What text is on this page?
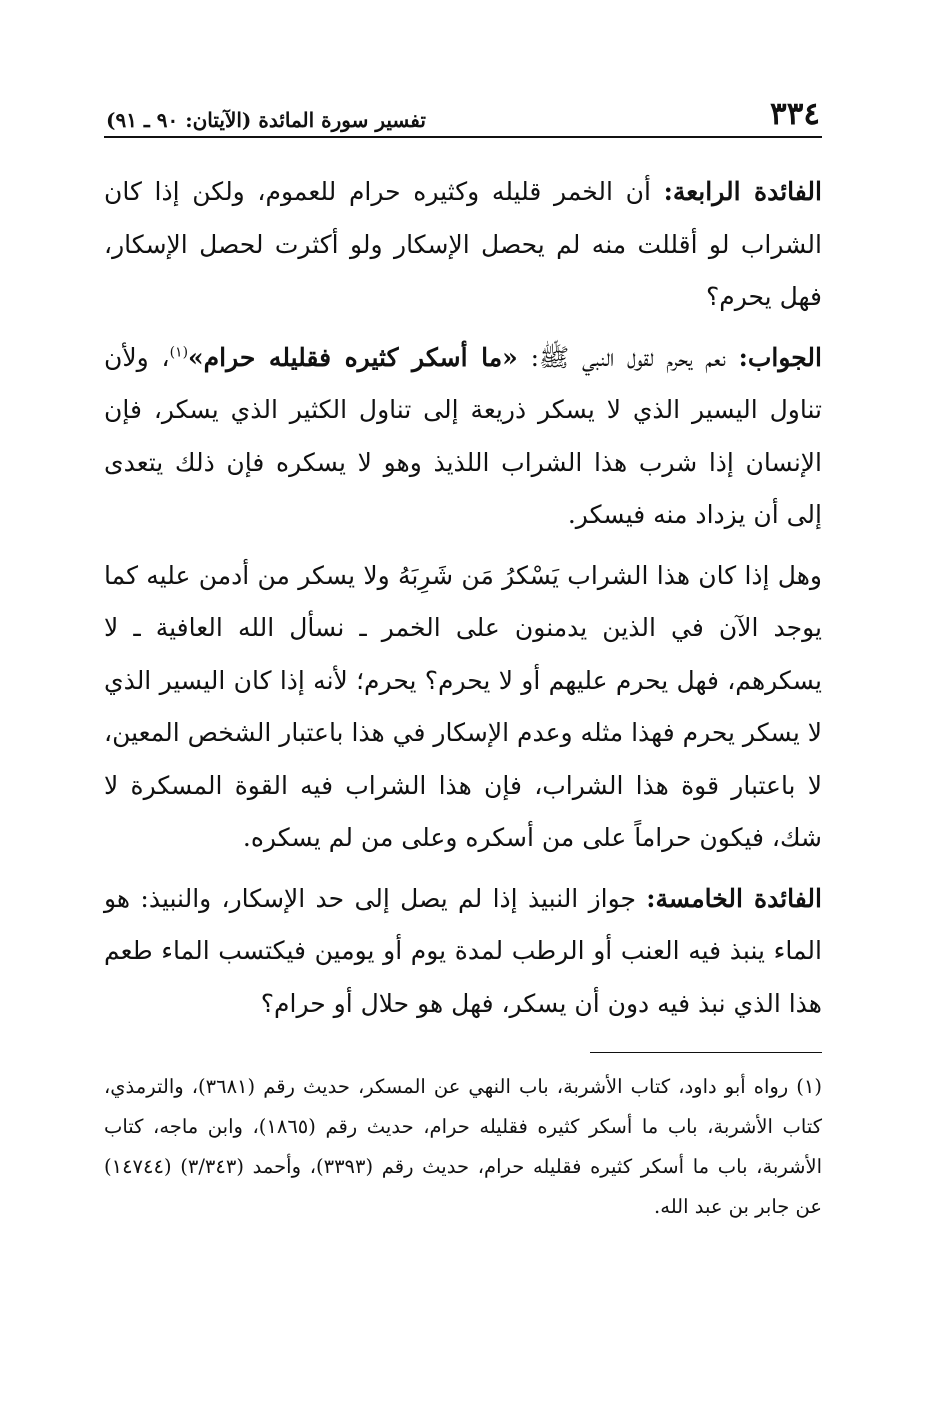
٣٣٤
تفسير سورة المائدة (الآيتان: ٩٠ ـ ٩١)

الفائدة الرابعة: أن الخمر قليله وكثيره حرام للعموم، ولكن إذا كان الشراب لو أقللت منه لم يحصل الإسكار ولو أكثرت لحصل الإسكار، فهل يحرم؟

الجواب: نعم يحرم لقول النبي ﷺ: «ما أسكر كثيره فقليله حرام»$^{(١)}$، ولأن تناول اليسير الذي لا يسكر ذريعة إلى تناول الكثير الذي يسكر، فإن الإنسان إذا شرب هذا الشراب اللذيذ وهو لا يسكره فإن ذلك يتعدى إلى أن يزداد منه فيسكر.

وهل إذا كان هذا الشراب يَسْكرُ مَن شَرِبَهُ ولا يسكر من أدمن عليه كما يوجد الآن في الذين يدمنون على الخمر ـ نسأل الله العافية ـ لا يسكرهم، فهل يحرم عليهم أو لا يحرم؟ يحرم؛ لأنه إذا كان اليسير الذي لا يسكر يحرم فهذا مثله وعدم الإسكار في هذا باعتبار الشخص المعين، لا باعتبار قوة هذا الشراب، فإن هذا الشراب فيه القوة المسكرة لا شك، فيكون حراماً على من أسكره وعلى من لم يسكره.

الفائدة الخامسة: جواز النبيذ إذا لم يصل إلى حد الإسكار، والنبيذ: هو الماء ينبذ فيه العنب أو الرطب لمدة يوم أو يومين فيكتسب الماء طعم هذا الذي نبذ فيه دون أن يسكر، فهل هو حلال أو حرام؟

(١) رواه أبو داود، كتاب الأشربة، باب النهي عن المسكر، حديث رقم (٣٦٨١)، والترمذي، كتاب الأشربة، باب ما أسكر كثيره فقليله حرام، حديث رقم (١٨٦٥)، وابن ماجه، كتاب الأشربة، باب ما أسكر كثيره فقليله حرام، حديث رقم (٣٣٩٣)، وأحمد (٣/٣٤٣) (١٤٧٤٤) عن جابر بن عبد الله.
